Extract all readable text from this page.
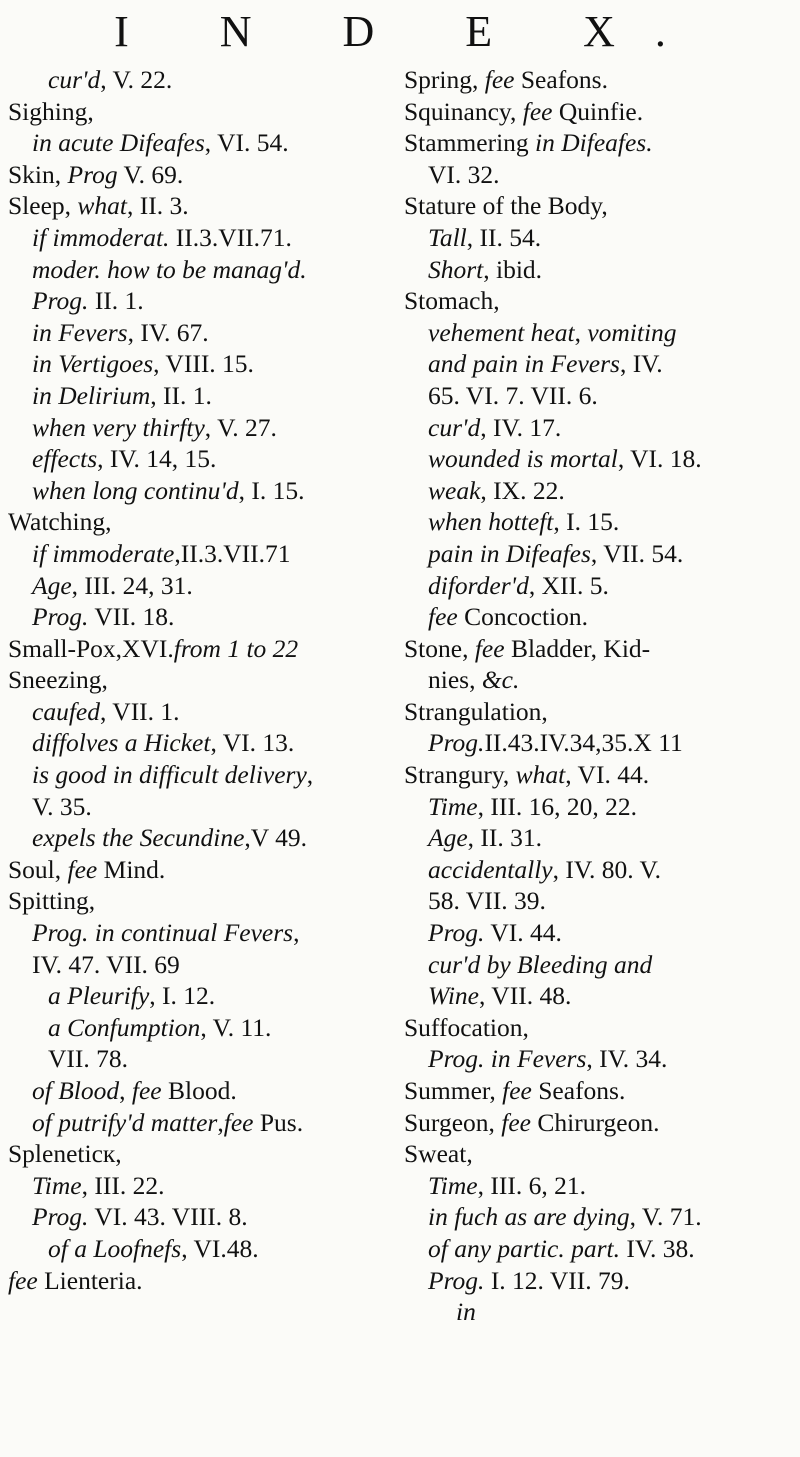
I N D E X.
cur'd, V. 22.
Sighing,
in acute Difeafes, VI. 54.
Skin, Prog V. 69.
Sleep, what, II. 3.
if immoderat. II.3.VII.71.
moder. how to be manag'd.
Prog. II. 1.
in Fevers, IV. 67.
in Vertigoes, VIII. 15.
in Delirium, II. 1.
when very thirfty, V. 27.
effects, IV. 14, 15.
when long continu'd, I. 15.
Watching,
if immoderate,II.3.VII.71
Age, III. 24, 31.
Prog. VII. 18.
Small-Pox,XVI.from 1 to 22
Sneezing,
caufed, VII. 1.
diffolves a Hicket, VI. 13.
is good in difficult delivery,
V. 35.
expels the Secundine,V 49.
Soul, fee Mind.
Spitting,
Prog. in continual Fevers,
IV. 47. VII. 69
a Pleurify, I. 12.
a Confumption, V. 11.
VII. 78.
of Blood, fee Blood.
of putrify'd matter,fee Pus.
Spleneticк,
Time, III. 22.
Prog. VI. 43. VIII. 8.
of a Loofnefs, VI.48.
fee Lienteria.
Spring, fee Seafons.
Squinancy, fee Quinfie.
Stammering in Difeafes.
VI. 32.
Stature of the Body,
Tall, II. 54.
Short, ibid.
Stomach,
vehement heat, vomiting
and pain in Fevers, IV.
65. VI. 7. VII. 6.
cur'd, IV. 17.
wounded is mortal, VI. 18.
weak, IX. 22.
when hotteft, I. 15.
pain in Difeafes, VII. 54.
diforder'd, XII. 5.
fee Concoction.
Stone, fee Bladder, Kid-
nies, &c.
Strangulation,
Prog.II.43.IV.34,35.X 11
Strangury, what, VI. 44.
Time, III. 16, 20, 22.
Age, II. 31.
accidentally, IV. 80. V.
58. VII. 39.
Prog. VI. 44.
cur'd by Bleeding and
Wine, VII. 48.
Suffocation,
Prog. in Fevers, IV. 34.
Summer, fee Seafons.
Surgeon, fee Chirurgeon.
Sweat,
Time, III. 6, 21.
in fuch as are dying, V. 71.
of any partic. part. IV. 38.
Prog. I. 12. VII. 79.
in
